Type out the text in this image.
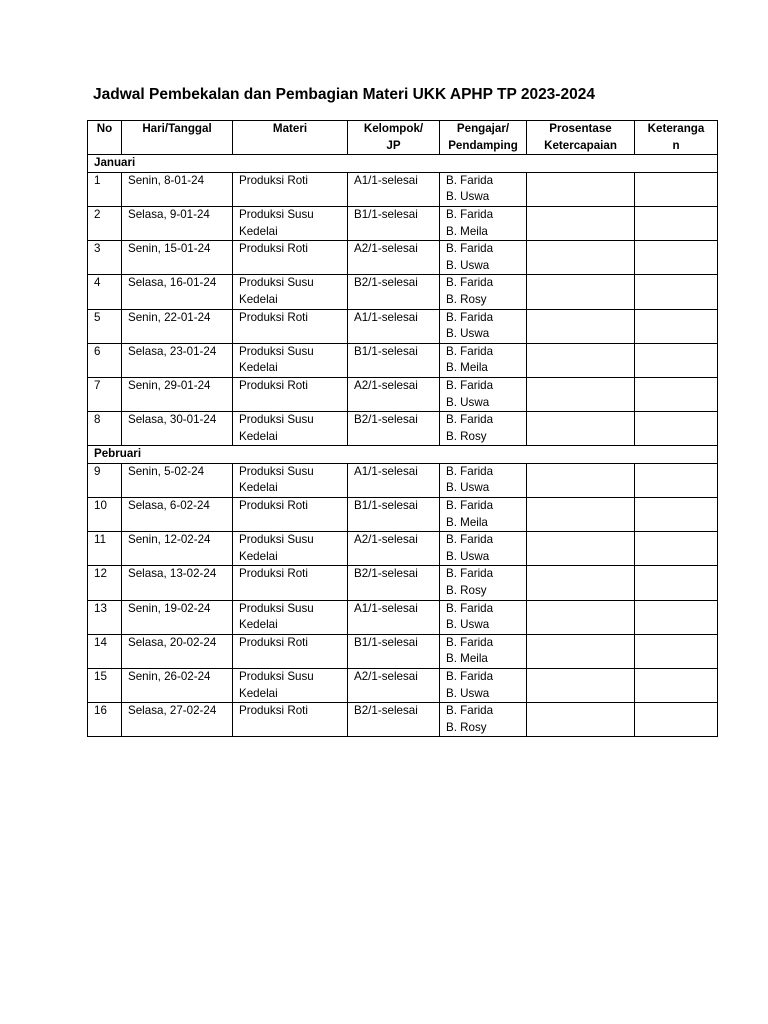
Jadwal Pembekalan dan Pembagian Materi UKK APHP TP 2023-2024
No	Hari/Tanggal	Materi	Kelompok/
JP	Pengajar/
Pendamping	Prosentase
Ketercapaian	Keteranga
n

Januari						

1	Senin, 8-01-24	Produksi Roti	A1/1-selesai	B. Farida
B. Uswa		

2	Selasa, 9-01-24	Produksi Susu
Kedelai	B1/1-selesai	B. Farida
B. Meila		

3	Senin, 15-01-24	Produksi Roti	A2/1-selesai	B. Farida
B. Uswa		

4	Selasa, 16-01-24	Produksi Susu
Kedelai	B2/1-selesai	B. Farida
B. Rosy		

5	Senin, 22-01-24	Produksi Roti	A1/1-selesai	B. Farida
B. Uswa		

6	Selasa, 23-01-24	Produksi Susu
Kedelai	B1/1-selesai	B. Farida
B. Meila		

7	Senin, 29-01-24	Produksi Roti	A2/1-selesai	B. Farida
B. Uswa		

8	Selasa, 30-01-24	Produksi Susu
Kedelai	B2/1-selesai	B. Farida
B. Rosy		

Pebruari						

9	Senin, 5-02-24	Produksi Susu
Kedelai	A1/1-selesai	B. Farida
B. Uswa		

10	Selasa, 6-02-24	Produksi Roti	B1/1-selesai	B. Farida
B. Meila		

11	Senin, 12-02-24	Produksi Susu
Kedelai	A2/1-selesai	B. Farida
B. Uswa		

12	Selasa, 13-02-24	Produksi Roti	B2/1-selesai	B. Farida
B. Rosy		

13	Senin, 19-02-24	Produksi Susu
Kedelai	A1/1-selesai	B. Farida
B. Uswa		

14	Selasa, 20-02-24	Produksi Roti	B1/1-selesai	B. Farida
B. Meila		

15	Senin, 26-02-24	Produksi Susu
Kedelai	A2/1-selesai	B. Farida
B. Uswa		

16	Selasa, 27-02-24	Produksi Roti	B2/1-selesai	B. Farida
B. Rosy		
